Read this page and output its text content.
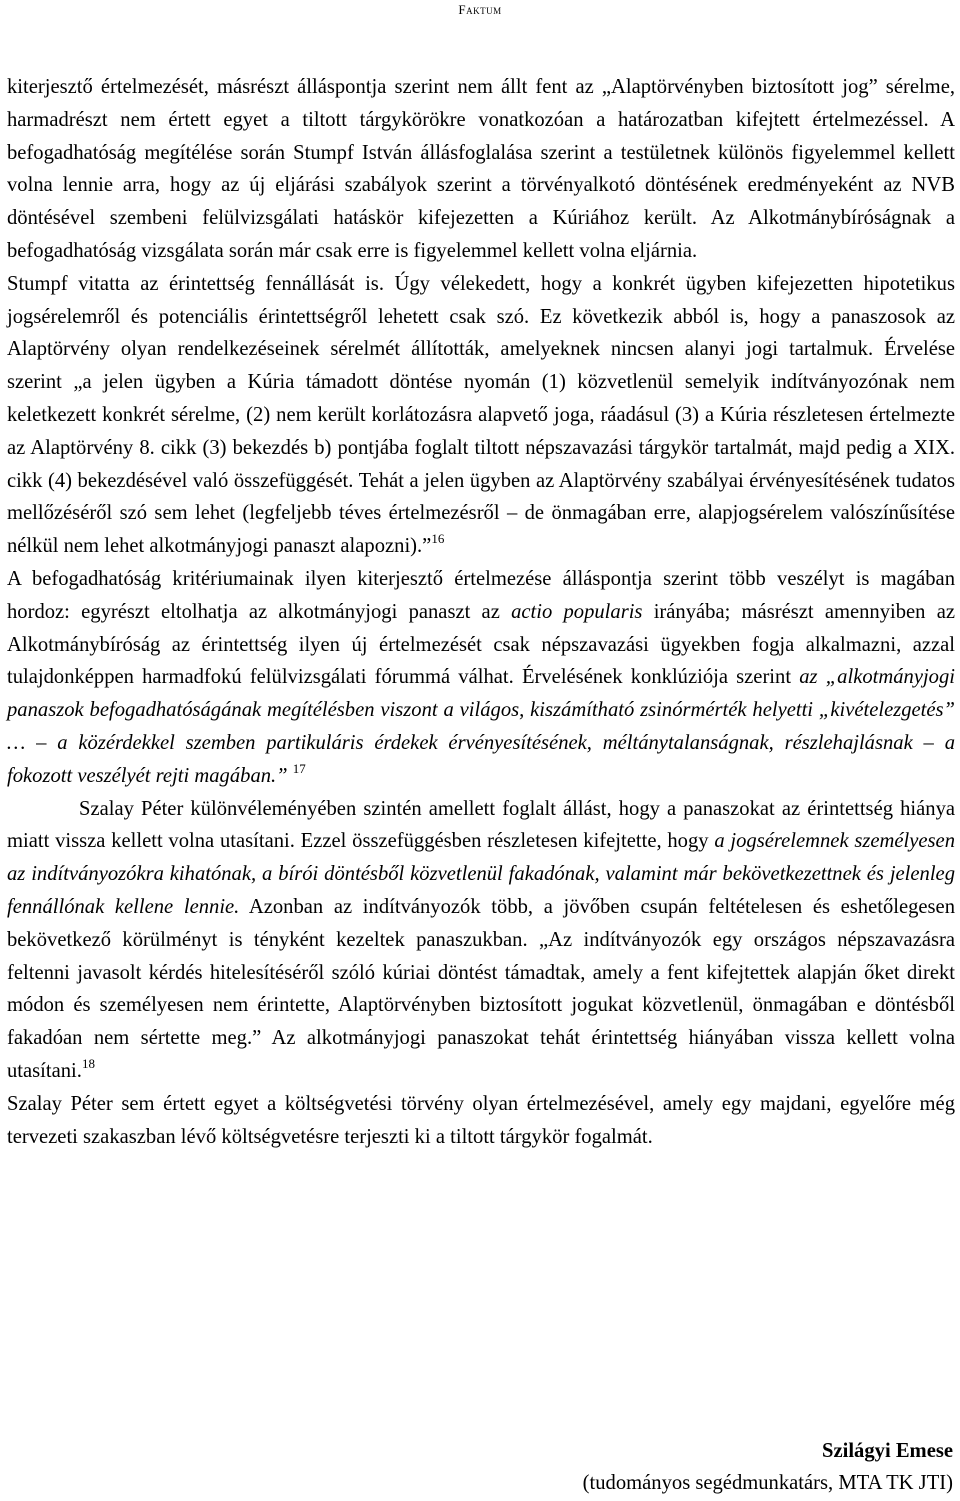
Faktum

kiterjesztő értelmezését, másrészt álláspontja szerint nem állt fent az „Alaptörvényben biztosított jog” sérelme, harmadrészt nem értett egyet a tiltott tárgykörökre vonatkozóan a határozatban kifejtett értelmezéssel. A befogadhatóság megítélése során Stumpf István állásfoglalása szerint a testületnek különös figyelemmel kellett volna lennie arra, hogy az új eljárási szabályok szerint a törvényalkotó döntésének eredményeként az NVB döntésével szembeni felülvizsgálati hatáskör kifejezetten a Kúriához került. Az Alkotmánybíróságnak a befogadhatóság vizsgálata során már csak erre is figyelemmel kellett volna eljárnia.

Stumpf vitatta az érintettség fennállását is. Úgy vélekedett, hogy a konkrét ügyben kifejezetten hipotetikus jogsérelemről és potenciális érintettségről lehetett csak szó. Ez következik abból is, hogy a panaszosok az Alaptörvény olyan rendelkezéseinek sérelmét állították, amelyeknek nincsen alanyi jogi tartalmuk. Érvelése szerint „a jelen ügyben a Kúria támadott döntése nyomán (1) közvetlenül semelyik indítványozónak nem keletkezett konkrét sérelme, (2) nem került korlátozásra alapvető joga, ráadásul (3) a Kúria részletesen értelmezte az Alaptörvény 8. cikk (3) bekezdés b) pontjába foglalt tiltott népszavazási tárgykör tartalmát, majd pedig a XIX. cikk (4) bekezdésével való összefüggését. Tehát a jelen ügyben az Alaptörvény szabályai érvényesítésének tudatos mellőzéséről szó sem lehet (legfeljebb téves értelmezésről – de önmagában erre, alapjogsérelem valószínűsítése nélkül nem lehet alkotmányjogi panaszt alapozni).”$^{16}$

A befogadhatóság kritériumainak ilyen kiterjesztő értelmezése álláspontja szerint több veszélyt is magában hordoz: egyrészt eltolhatja az alkotmányjogi panaszt az actio popularis irányába; másrészt amennyiben az Alkotmánybíróság az érintettség ilyen új értelmezését csak népszavazási ügyekben fogja alkalmazni, azzal tulajdonképpen harmadfokú felülvizsgálati fórummá válhat. Érvelésének konklúziója szerint az „alkotmányjogi panaszok befogadhatóságának megítélésben viszont a világos, kiszámítható zsinórmérték helyetti „kivételezgetés” … – a közérdekkel szemben partikuláris érdekek érvényesítésének, méltánytalanságnak, részlehajlásnak – a fokozott veszélyét rejti magában.” $^{17}$

Szalay Péter különvéleményében szintén amellett foglalt állást, hogy a panaszokat az érintettség hiánya miatt vissza kellett volna utasítani. Ezzel összefüggésben részletesen kifejtette, hogy a jogsérelemnek személyesen az indítványozókra kihatónak, a bírói döntésből közvetlenül fakadónak, valamint már bekövetkezettnek és jelenleg fennállónak kellene lennie. Azonban az indítványozók több, a jövőben csupán feltételesen és eshetőlegesen bekövetkező körülményt is tényként kezeltek panaszukban. „Az indítványozók egy országos népszavazásra feltenni javasolt kérdés hitelesítéséről szóló kúriai döntést támadtak, amely a fent kifejtettek alapján őket direkt módon és személyesen nem érintette, Alaptörvényben biztosított jogukat közvetlenül, önmagában e döntésből fakadóan nem sértette meg.” Az alkotmányjogi panaszokat tehát érintettség hiányában vissza kellett volna utasítani.$^{18}$

Szalay Péter sem értett egyet a költségvetési törvény olyan értelmezésével, amely egy majdani, egyelőre még tervezeti szakaszban lévő költségvetésre terjeszti ki a tiltott tárgykör fogalmát.

Szilágyi Emese
(tudományos segédmunkatárs, MTA TK JTI)
